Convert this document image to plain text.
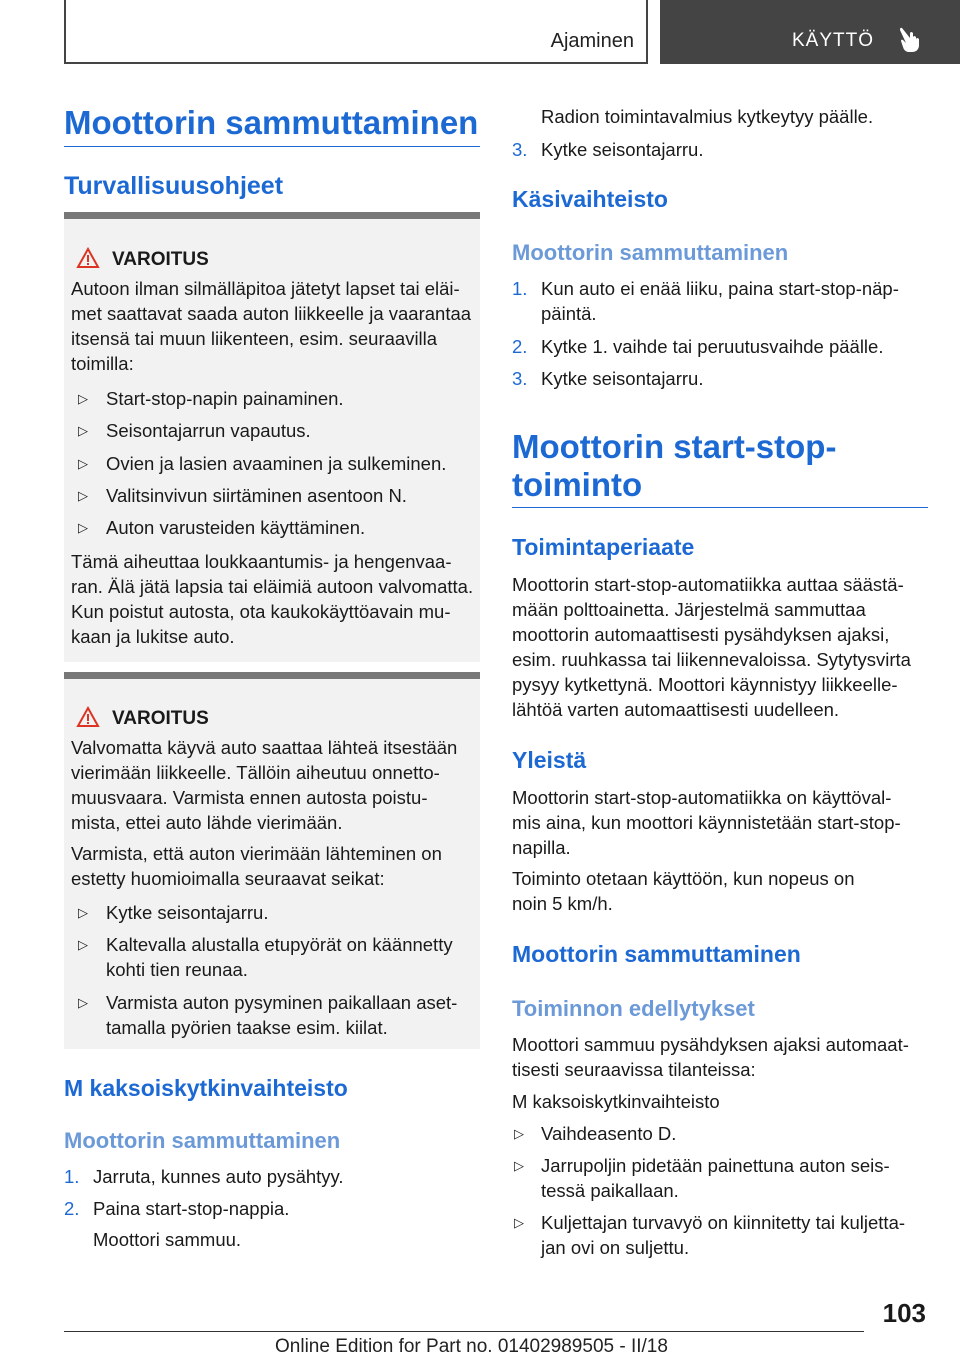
Ajaminen	KÄYTTÖ
Moottorin sammuttaminen
Turvallisuusohjeet
VAROITUS
Autoon ilman silmälläpitoa jätetyt lapset tai eläi-
met saattavat saada auton liikkeelle ja vaarantaa
itsensä tai muun liikenteen, esim. seuraavilla
toimilla:
▷ Start-stop-napin painaminen.
▷ Seisontajarrun vapautus.
▷ Ovien ja lasien avaaminen ja sulkeminen.
▷ Valitsinvivun siirtäminen asentoon N.
▷ Auton varusteiden käyttäminen.
Tämä aiheuttaa loukkaantumis- ja hengenvaa-
ran. Älä jätä lapsia tai eläimiä autoon valvomatta.
Kun poistut autosta, ota kaukokäyttöavain mu-
kaan ja lukitse auto.
VAROITUS
Valvomatta käyvä auto saattaa lähteä itsestään
vierimään liikkeelle. Tällöin aiheutuu onnetto-
muusvaara. Varmista ennen autosta poistu-
mista, ettei auto lähde vierimään.
Varmista, että auton vierimään lähteminen on
estetty huomioimalla seuraavat seikat:
▷ Kytke seisontajarru.
▷ Kaltevalla alustalla etupyörät on käännetty
kohti tien reunaa.
▷ Varmista auton pysyminen paikallaan aset-
tamalla pyörien taakse esim. kiilat.
M kaksoiskytkinvaihteisto
Moottorin sammuttaminen
1. Jarruta, kunnes auto pysähtyy.
2. Paina start-stop-nappia.
Moottori sammuu.
Radion toimintavalmius kytkeytyy päälle.
3. Kytke seisontajarru.
Käsivaihteisto
Moottorin sammuttaminen
1. Kun auto ei enää liiku, paina start-stop-näp-
päintä.
2. Kytke 1. vaihde tai peruutusvaihde päälle.
3. Kytke seisontajarru.
Moottorin start-stop-
toiminto
Toimintaperiaate
Moottorin start-stop-automatiikka auttaa säästä-
mään polttoainetta. Järjestelmä sammuttaa
moottorin automaattisesti pysähdyksen ajaksi,
esim. ruuhkassa tai liikennevaloissa. Sytytysvirta
pysyy kytkettynä. Moottori käynnistyy liikkeelle-
lähtöä varten automaattisesti uudelleen.
Yleistä
Moottorin start-stop-automatiikka on käyttöval-
mis aina, kun moottori käynnistetään start-stop-
napilla.
Toiminto otetaan käyttöön, kun nopeus on
noin 5 km/h.
Moottorin sammuttaminen
Toiminnon edellytykset
Moottori sammuu pysähdyksen ajaksi automaat-
tisesti seuraavissa tilanteissa:
M kaksoiskytkinvaihteisto
▷ Vaihdeasento D.
▷ Jarrupoljin pidetään painettuna auton seis-
tessä paikallaan.
▷ Kuljettajan turvavyö on kiinnitetty tai kuljetta-
jan ovi on suljettu.
103
Online Edition for Part no. 01402989505 - II/18
